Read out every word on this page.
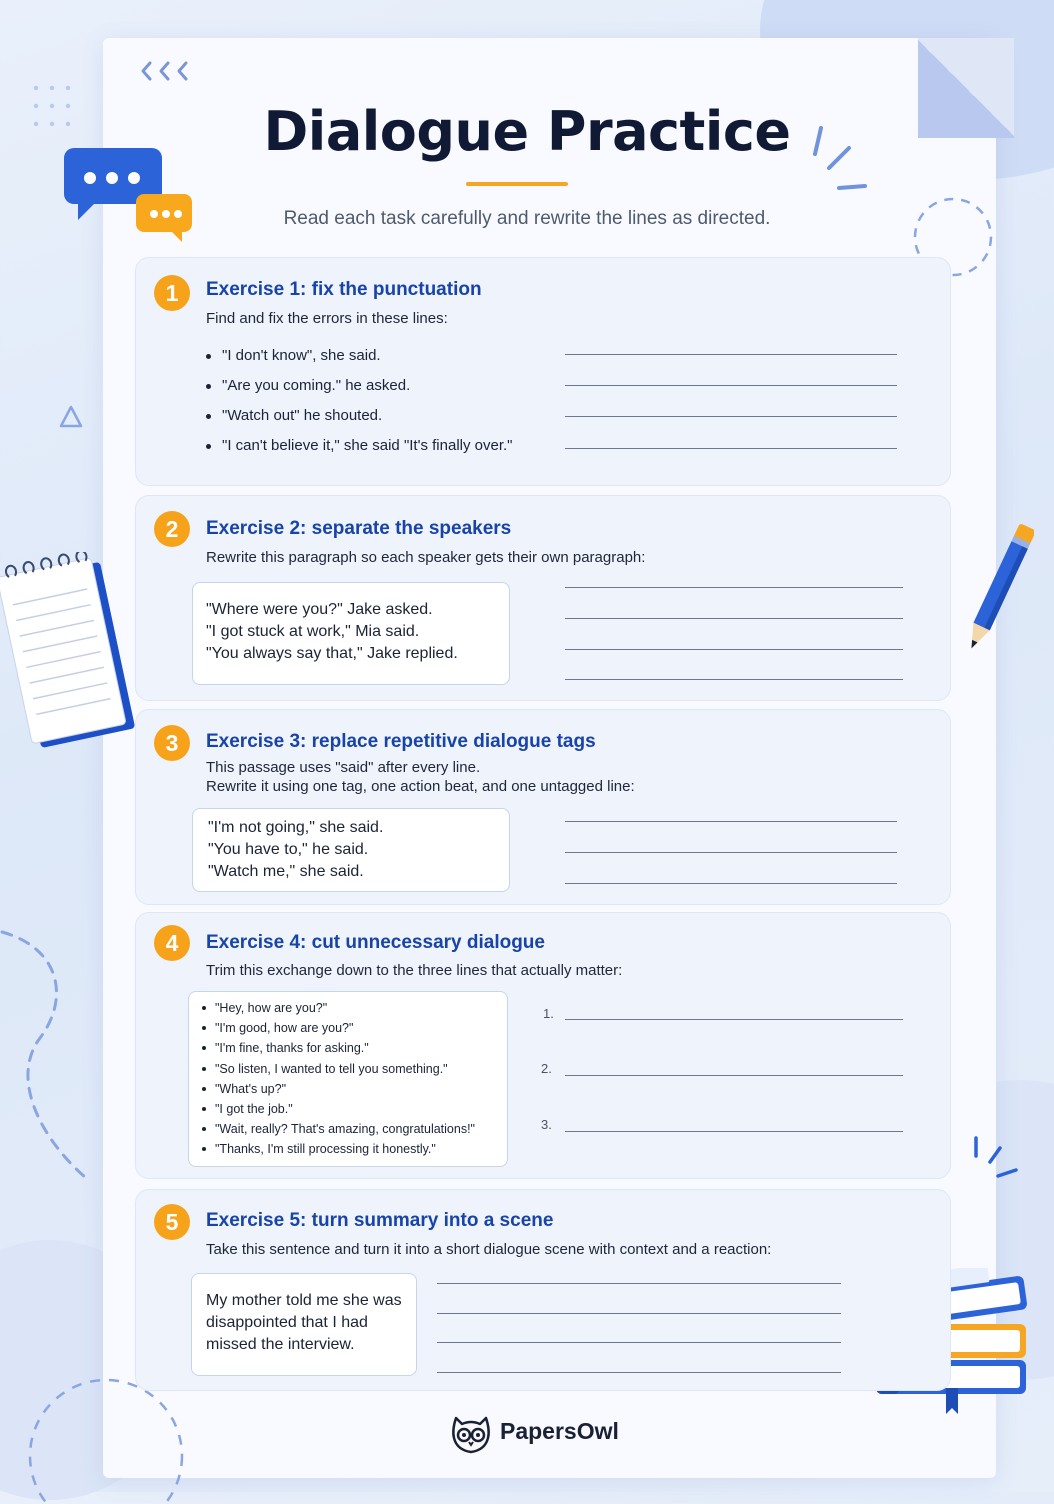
Dialogue Practice
Read each task carefully and rewrite the lines as directed.
1	Exercise 1: fix the punctuation
Find and fix the errors in these lines:
"I don't know", she said.
"Are you coming." he asked.
"Watch out" he shouted.
"I can't believe it," she said "It's finally over."
2	Exercise 2: separate the speakers
Rewrite this paragraph so each speaker gets their own paragraph:
"Where were you?" Jake asked.
"I got stuck at work," Mia said.
"You always say that," Jake replied.
3	Exercise 3: replace repetitive dialogue tags
This passage uses "said" after every line.
Rewrite it using one tag, one action beat, and one untagged line:
"I'm not going," she said.
"You have to," he said.
"Watch me," she said.
4	Exercise 4: cut unnecessary dialogue
Trim this exchange down to the three lines that actually matter:
"Hey, how are you?"
"I'm good, how are you?"
"I'm fine, thanks for asking."
"So listen, I wanted to tell you something."
"What's up?"
"I got the job."
"Wait, really? That's amazing, congratulations!"
"Thanks, I'm still processing it honestly."
1.
2.
3.
5	Exercise 5: turn summary into a scene
Take this sentence and turn it into a short dialogue scene with context and a reaction:
My mother told me she was
disappointed that I had
missed the interview.
PapersOwl
